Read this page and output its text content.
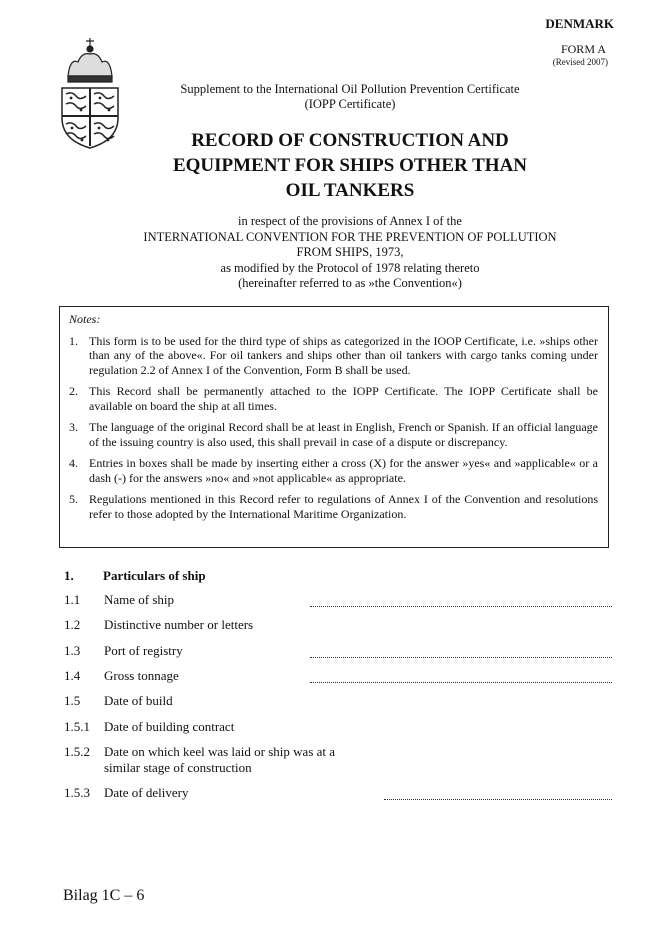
DENMARK
FORM A
(Revised 2007)
Supplement to the International Oil Pollution Prevention Certificate
(IOPP Certificate)
RECORD OF CONSTRUCTION AND
EQUIPMENT FOR SHIPS OTHER THAN
OIL TANKERS
in respect of the provisions of Annex I of the
INTERNATIONAL CONVENTION FOR THE PREVENTION OF POLLUTION
FROM SHIPS, 1973,
as modified by the Protocol of 1978 relating thereto
(hereinafter referred to as »the Convention«)
Notes:
1. This form is to be used for the third type of ships as categorized in the IOOP Certificate, i.e. »ships other than any of the above«. For oil tankers and ships other than oil tankers with cargo tanks coming under regulation 2.2 of Annex I of the Convention, Form B shall be used.
2. This Record shall be permanently attached to the IOPP Certificate. The IOPP Certificate shall be available on board the ship at all times.
3. The language of the original Record shall be at least in English, French or Spanish. If an official language of the issuing country is also used, this shall prevail in case of a dispute or discrepancy.
4. Entries in boxes shall be made by inserting either a cross (X) for the answer »yes« and »applicable« or a dash (-) for the answers »no« and »not applicable« as appropriate.
5. Regulations mentioned in this Record refer to regulations of Annex I of the Convention and resolutions refer to those adopted by the International Maritime Organization.
1. Particulars of ship
1.1 Name of ship
1.2 Distinctive number or letters
1.3 Port of registry
1.4 Gross tonnage
1.5 Date of build
1.5.1 Date of building contract
1.5.2 Date on which keel was laid or ship was at a similar stage of construction
1.5.3 Date of delivery
Bilag 1C – 6
